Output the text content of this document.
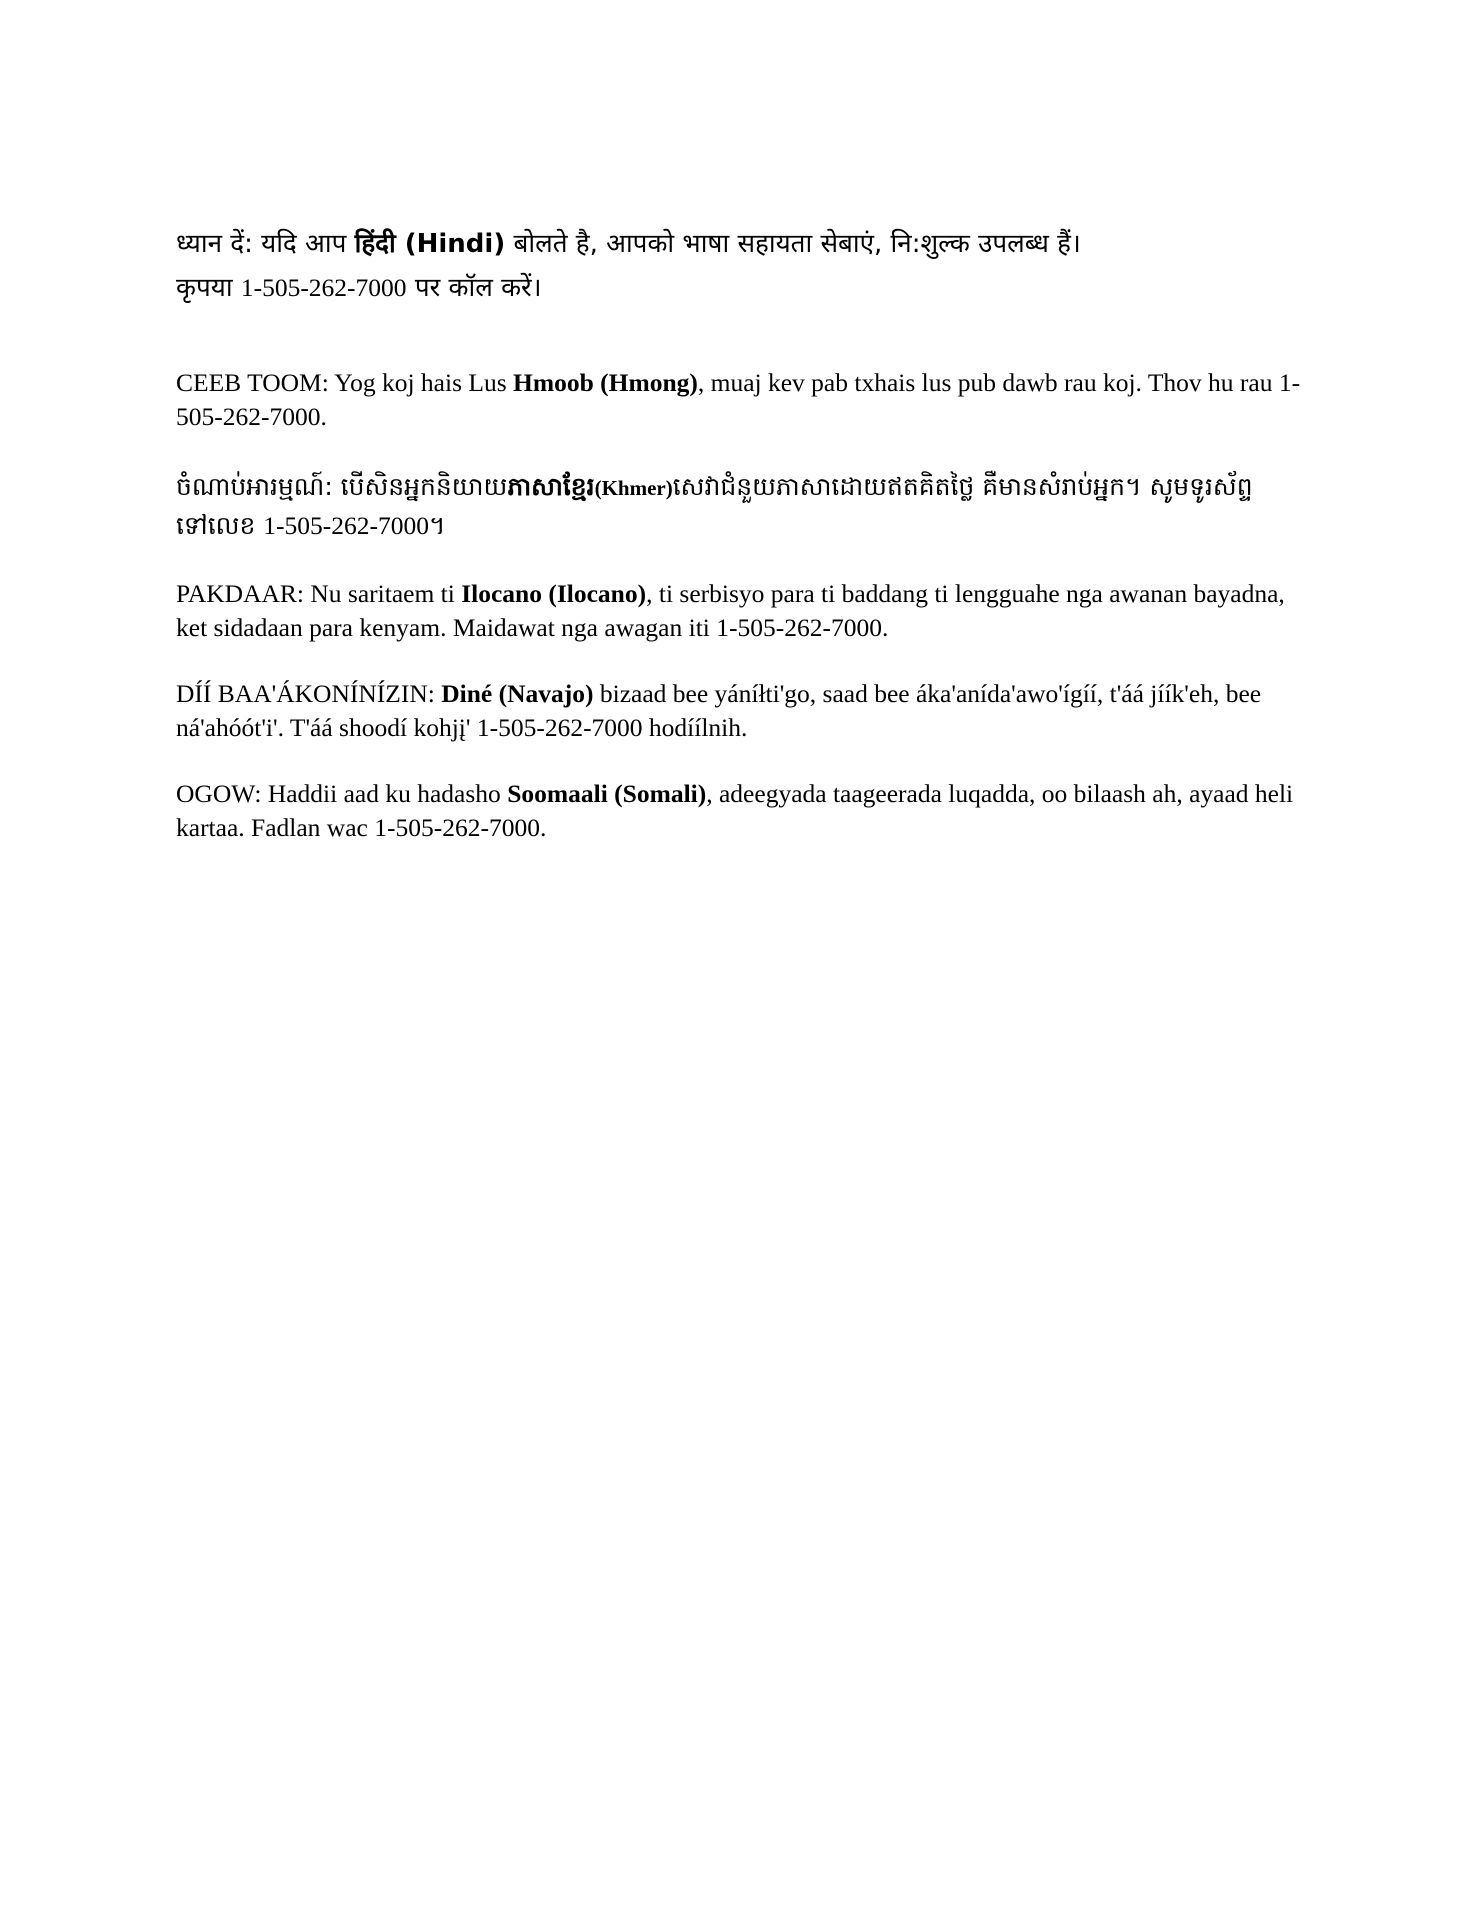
ध्यान दें: यदि आप हिंदी (Hindi) बोलते है, आपको भाषा सहायता सेबाएं, नि:शुल्क उपलब्ध हैं।
कृपया 1-505-262-7000 पर कॉल करें।

CEEB TOOM: Yog koj hais Lus Hmoob (Hmong), muaj kev pab txhais lus pub dawb rau koj. Thov hu rau 1-505-262-7000.

ចំណាប់អារម្មណ៍: បើសិនអ្នកនិយាយភាសាខ្មែរ(Khmer)សេវាជំនួយភាសាដោយឥតគិតថ្លៃ គឺមានសំរាប់អ្នក។ សូមទូរស័ព្ទ ទៅលេខ 1-505-262-7000។

PAKDAAR: Nu saritaem ti Ilocano (Ilocano), ti serbisyo para ti baddang ti lengguahe nga awanan bayadna, ket sidadaan para kenyam. Maidawat nga awagan iti 1-505-262-7000.

DÍÍ BAA'ÁKONÍNÍZIN: Diné (Navajo) bizaad bee yáníłti'go, saad bee áka'anída'awo'ígíí, t'áá jíík'eh, bee ná'ahóót'i'. T'áá shoodí kohjį' 1-505-262-7000 hodíílnih.

OGOW: Haddii aad ku hadasho Soomaali (Somali), adeegyada taageerada luqadda, oo bilaash ah, ayaad heli kartaa. Fadlan wac 1-505-262-7000.
